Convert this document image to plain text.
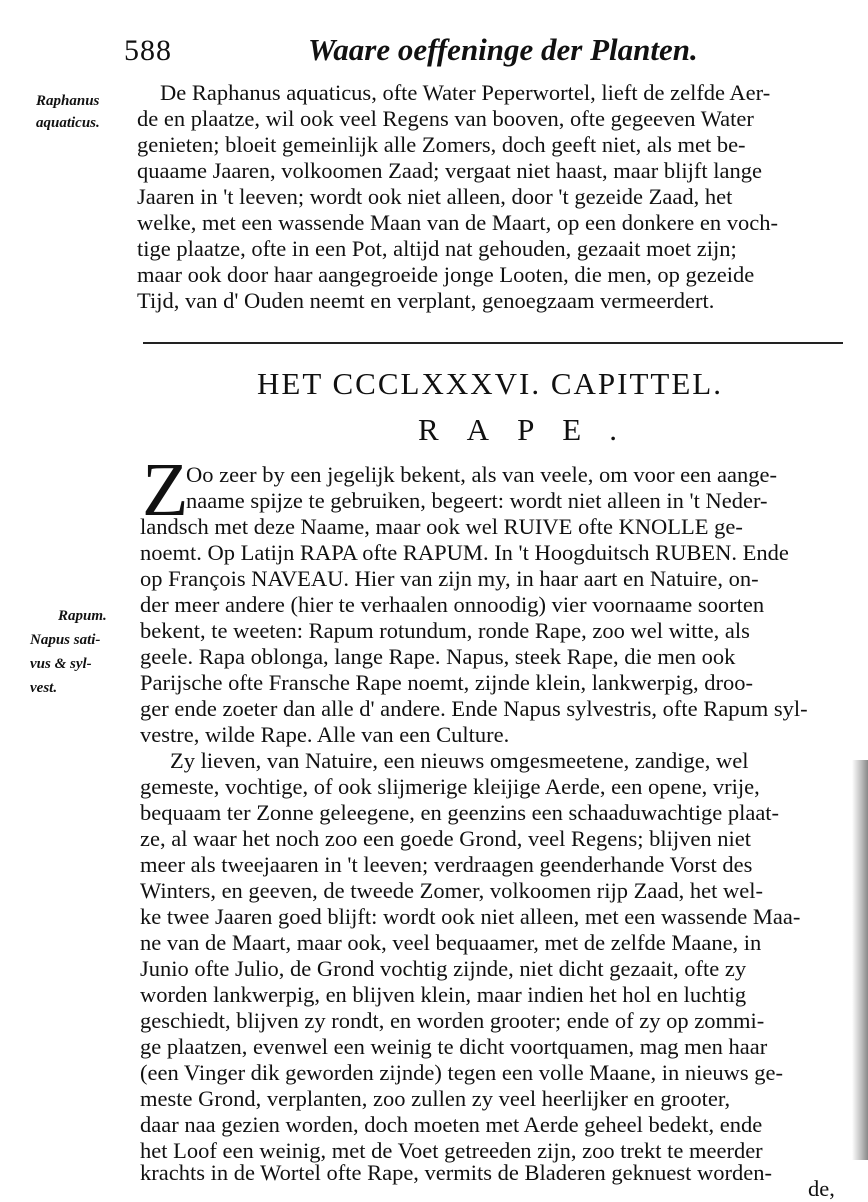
588	Waare oeffeninge der Planten.
Raphanus
aquaticus.
Rapum.
Napus sati-
vus & syl-
vest.
De Raphanus aquaticus, ofte Water Peperwortel, lieft de zelfde Aer-
de en plaatze, wil ook veel Regens van booven, ofte gegeeven Water
genieten; bloeit gemeinlijk alle Zomers, doch geeft niet, als met be-
quaame Jaaren, volkoomen Zaad; vergaat niet haast, maar blijft lange
Jaaren in 't leeven; wordt ook niet alleen, door 't gezeide Zaad, het
welke, met een wassende Maan van de Maart, op een donkere en voch-
tige plaatze, ofte in een Pot, altijd nat gehouden, gezaait moet zijn;
maar ook door haar aangegroeide jonge Looten, die men, op gezeide
Tijd, van d' Ouden neemt en verplant, genoegzaam vermeerdert.
HET CCCLXXXVI. CAPITTEL.
RAPE.
Z
Oo zeer by een jegelijk bekent, als van veele, om voor een aange-
naame spijze te gebruiken, begeert: wordt niet alleen in 't Neder-
landsch met deze Naame, maar ook wel RUIVE ofte KNOLLE ge-
noemt. Op Latijn RAPA ofte RAPUM. In 't Hoogduitsch RUBEN. Ende
op François NAVEAU. Hier van zijn my, in haar aart en Natuire, on-
der meer andere (hier te verhaalen onnoodig) vier voornaame soorten
bekent, te weeten: Rapum rotundum, ronde Rape, zoo wel witte, als
geele. Rapa oblonga, lange Rape. Napus, steek Rape, die men ook
Parijsche ofte Fransche Rape noemt, zijnde klein, lankwerpig, droo-
ger ende zoeter dan alle d' andere. Ende Napus sylvestris, ofte Rapum syl-
vestre, wilde Rape. Alle van een Culture.
Zy lieven, van Natuire, een nieuws omgesmeetene, zandige, wel
gemeste, vochtige, of ook slijmerige kleijige Aerde, een opene, vrije,
bequaam ter Zonne geleegene, en geenzins een schaaduwachtige plaat-
ze, al waar het noch zoo een goede Grond, veel Regens; blijven niet
meer als tweejaaren in 't leeven; verdraagen geenderhande Vorst des
Winters, en geeven, de tweede Zomer, volkoomen rijp Zaad, het wel-
ke twee Jaaren goed blijft: wordt ook niet alleen, met een wassende Maa-
ne van de Maart, maar ook, veel bequaamer, met de zelfde Maane, in
Junio ofte Julio, de Grond vochtig zijnde, niet dicht gezaait, ofte zy
worden lankwerpig, en blijven klein, maar indien het hol en luchtig
geschiedt, blijven zy rondt, en worden grooter; ende of zy op zommi-
ge plaatzen, evenwel een weinig te dicht voortquamen, mag men haar
(een Vinger dik geworden zijnde) tegen een volle Maane, in nieuws ge-
meste Grond, verplanten, zoo zullen zy veel heerlijker en grooter,
daar naa gezien worden, doch moeten met Aerde geheel bedekt, ende
het Loof een weinig, met de Voet getreeden zijn, zoo trekt te meerder
krachts in de Wortel ofte Rape, vermits de Bladeren geknuest worden-
de,
